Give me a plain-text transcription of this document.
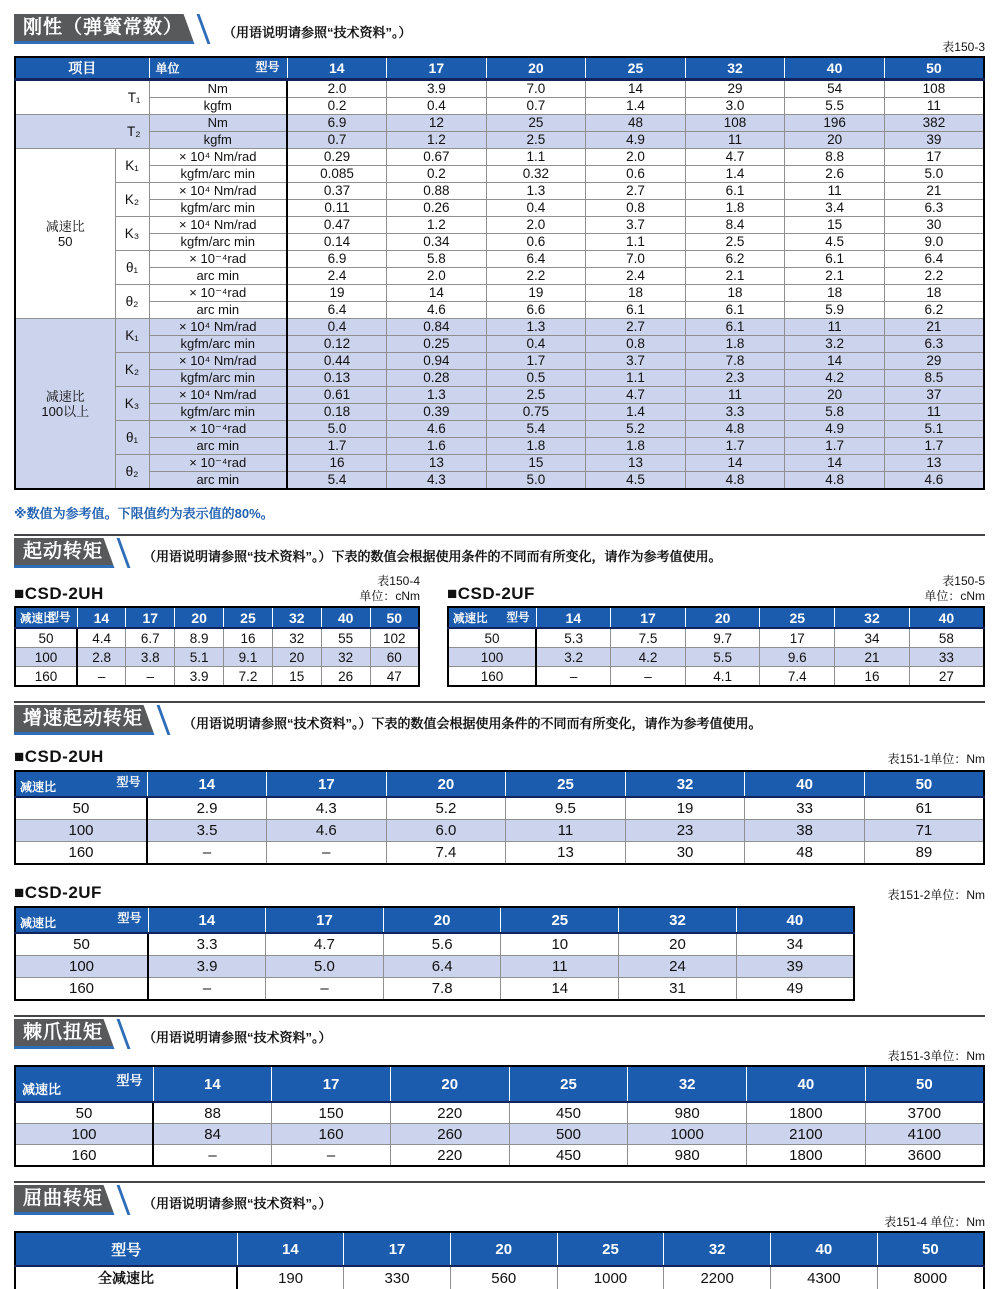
刚性（弹簧常数）	（用语说明请参照“技术资料”。）
表150-3
项目		单位 型号	14	17	20	25	32	40	50
T₁		Nm	2.0	3.9	7.0	14	29	54	108
		kgfm	0.2	0.4	0.7	1.4	3.0	5.5	11
T₂		Nm	6.9	12	25	48	108	196	382
		kgfm	0.7	1.2	2.5	4.9	11	20	39

减速比
50	K₁	× 10⁴ Nm/rad	0.29	0.67	1.1	2.0	4.7	8.8	17
		kgfm/arc min	0.085	0.2	0.32	0.6	1.4	2.6	5.0
	K₂	× 10⁴ Nm/rad	0.37	0.88	1.3	2.7	6.1	11	21
		kgfm/arc min	0.11	0.26	0.4	0.8	1.8	3.4	6.3
	K₃	× 10⁴ Nm/rad	0.47	1.2	2.0	3.7	8.4	15	30
		kgfm/arc min	0.14	0.34	0.6	1.1	2.5	4.5	9.0
	θ₁	× 10⁻⁴rad	6.9	5.8	6.4	7.0	6.2	6.1	6.4
		arc min	2.4	2.0	2.2	2.4	2.1	2.1	2.2
	θ₂	× 10⁻⁴rad	19	14	19	18	18	18	18
		arc min	6.4	4.6	6.6	6.1	6.1	5.9	6.2

减速比
100以上	K₁	× 10⁴ Nm/rad	0.4	0.84	1.3	2.7	6.1	11	21
		kgfm/arc min	0.12	0.25	0.4	0.8	1.8	3.2	6.3
	K₂	× 10⁴ Nm/rad	0.44	0.94	1.7	3.7	7.8	14	29
		kgfm/arc min	0.13	0.28	0.5	1.1	2.3	4.2	8.5
	K₃	× 10⁴ Nm/rad	0.61	1.3	2.5	4.7	11	20	37
		kgfm/arc min	0.18	0.39	0.75	1.4	3.3	5.8	11
	θ₁	× 10⁻⁴rad	5.0	4.6	5.4	5.2	4.8	4.9	5.1
		arc min	1.7	1.6	1.8	1.8	1.7	1.7	1.7
	θ₂	× 10⁻⁴rad	16	13	15	13	14	14	13
		arc min	5.4	4.3	5.0	4.5	4.8	4.8	4.6
※数值为参考值。下限值约为表示值的80%。
起动转矩	（用语说明请参照“技术资料”。）下表的数值会根据使用条件的不同而有所变化，请作为参考值使用。
■CSD-2UH
表150-4
单位：cNm
型号
减速比	14	17	20	25	32	40	50
50	4.4	6.7	8.9	16	32	55	102
100	2.8	3.8	5.1	9.1	20	32	60
160	–	–	3.9	7.2	15	26	47
■CSD-2UF
表150-5
单位：cNm
型号
减速比	14	17	20	25	32	40
50	5.3	7.5	9.7	17	34	58
100	3.2	4.2	5.5	9.6	21	33
160	–	–	4.1	7.4	16	27
增速起动转矩	（用语说明请参照“技术资料”。）下表的数值会根据使用条件的不同而有所变化，请作为参考值使用。
■CSD-2UH	表151-1单位：Nm
型号
减速比	14	17	20	25	32	40	50
50	2.9	4.3	5.2	9.5	19	33	61
100	3.5	4.6	6.0	11	23	38	71
160	–	–	7.4	13	30	48	89
■CSD-2UF	表151-2单位：Nm
型号
减速比	14	17	20	25	32	40
50	3.3	4.7	5.6	10	20	34
100	3.9	5.0	6.4	11	24	39
160	–	–	7.8	14	31	49
棘爪扭矩	（用语说明请参照“技术资料”。）
表151-3单位：Nm
型号
减速比	14	17	20	25	32	40	50
50	88	150	220	450	980	1800	3700
100	84	160	260	500	1000	2100	4100
160	–	–	220	450	980	1800	3600
屈曲转矩	（用语说明请参照“技术资料”。）
表151-4 单位：Nm
型号	14	17	20	25	32	40	50
全减速比	190	330	560	1000	2200	4300	8000
